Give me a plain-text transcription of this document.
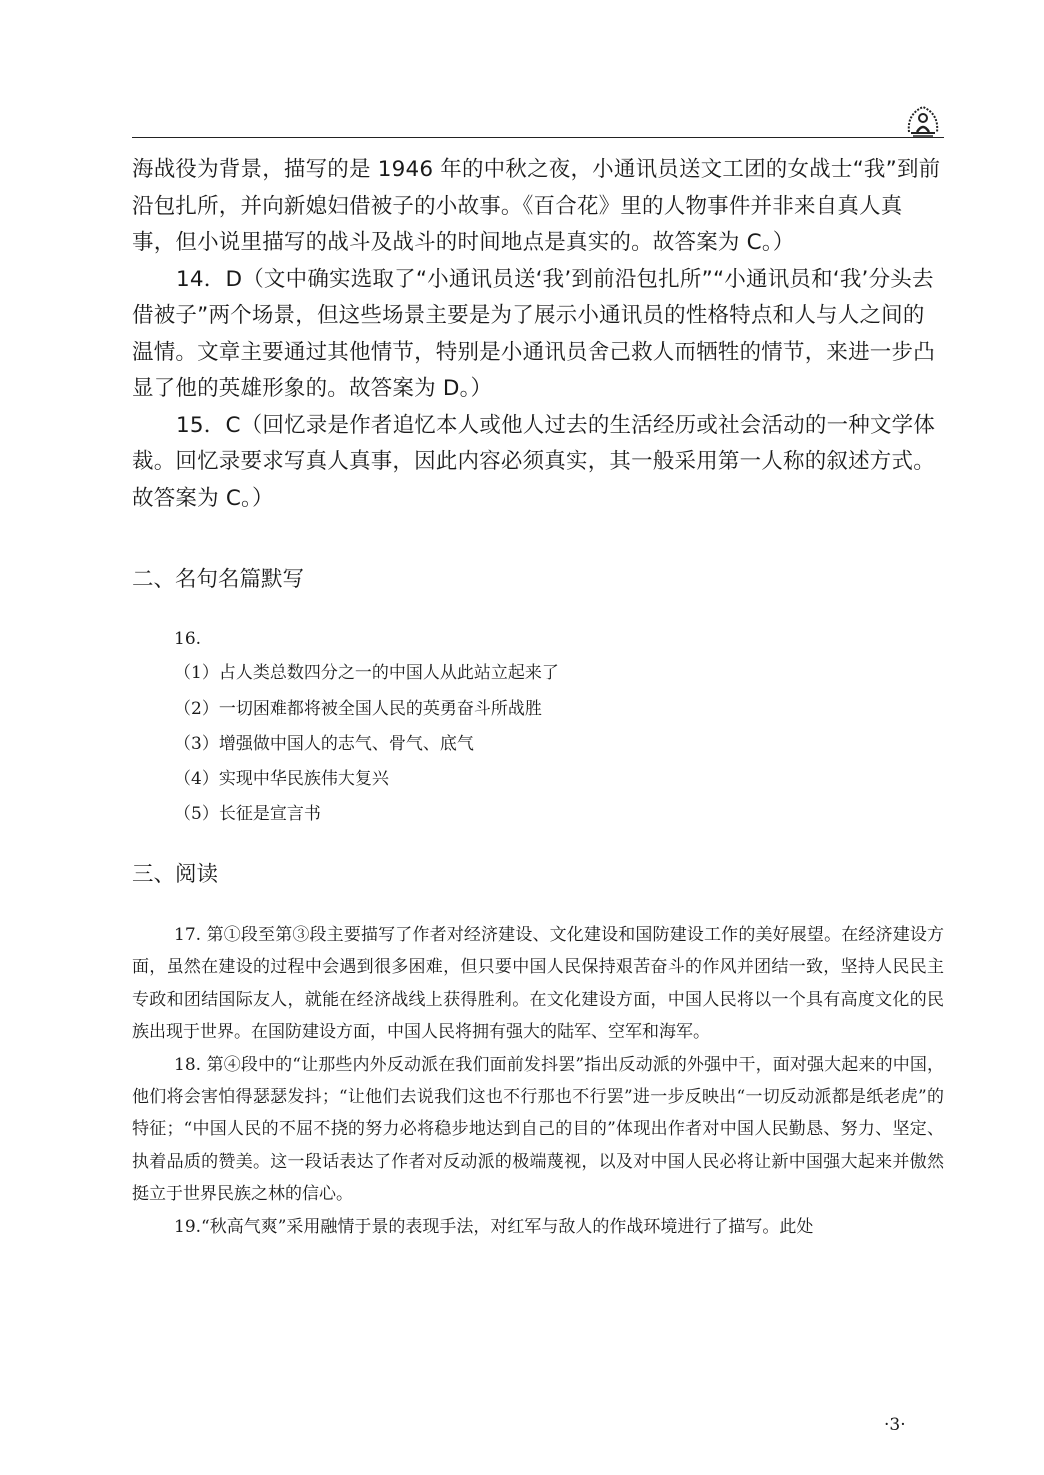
海战役为背景，描写的是 1946 年的中秋之夜，小通讯员送文工团的女战士“我”到前沿包扎所，并向新媳妇借被子的小故事。《百合花》里的人物事件并非来自真人真事，但小说里描写的战斗及战斗的时间地点是真实的。故答案为 C。）

14．D（文中确实选取了“小通讯员送‘我’到前沿包扎所”“小通讯员和‘我’分头去借被子”两个场景，但这些场景主要是为了展示小通讯员的性格特点和人与人之间的温情。文章主要通过其他情节，特别是小通讯员舍己救人而牺牲的情节，来进一步凸显了他的英雄形象的。故答案为 D。）

15．C（回忆录是作者追忆本人或他人过去的生活经历或社会活动的一种文学体裁。回忆录要求写真人真事，因此内容必须真实，其一般采用第一人称的叙述方式。故答案为 C。）

二、名句名篇默写

16.

（1）占人类总数四分之一的中国人从此站立起来了

（2）一切困难都将被全国人民的英勇奋斗所战胜

（3）增强做中国人的志气、骨气、底气

（4）实现中华民族伟大复兴

（5）长征是宣言书

三、阅读

17. 第①段至第③段主要描写了作者对经济建设、文化建设和国防建设工作的美好展望。在经济建设方面，虽然在建设的过程中会遇到很多困难，但只要中国人民保持艰苦奋斗的作风并团结一致，坚持人民民主专政和团结国际友人，就能在经济战线上获得胜利。在文化建设方面，中国人民将以一个具有高度文化的民族出现于世界。在国防建设方面，中国人民将拥有强大的陆军、空军和海军。

18. 第④段中的“让那些内外反动派在我们面前发抖罢”指出反动派的外强中干，面对强大起来的中国，他们将会害怕得瑟瑟发抖；“让他们去说我们这也不行那也不行罢”进一步反映出“一切反动派都是纸老虎”的特征；“中国人民的不屈不挠的努力必将稳步地达到自己的目的”体现出作者对中国人民勤恳、努力、坚定、执着品质的赞美。这一段话表达了作者对反动派的极端蔑视，以及对中国人民必将让新中国强大起来并傲然挺立于世界民族之林的信心。

19.“秋高气爽”采用融情于景的表现手法，对红军与敌人的作战环境进行了描写。此处

·3·
